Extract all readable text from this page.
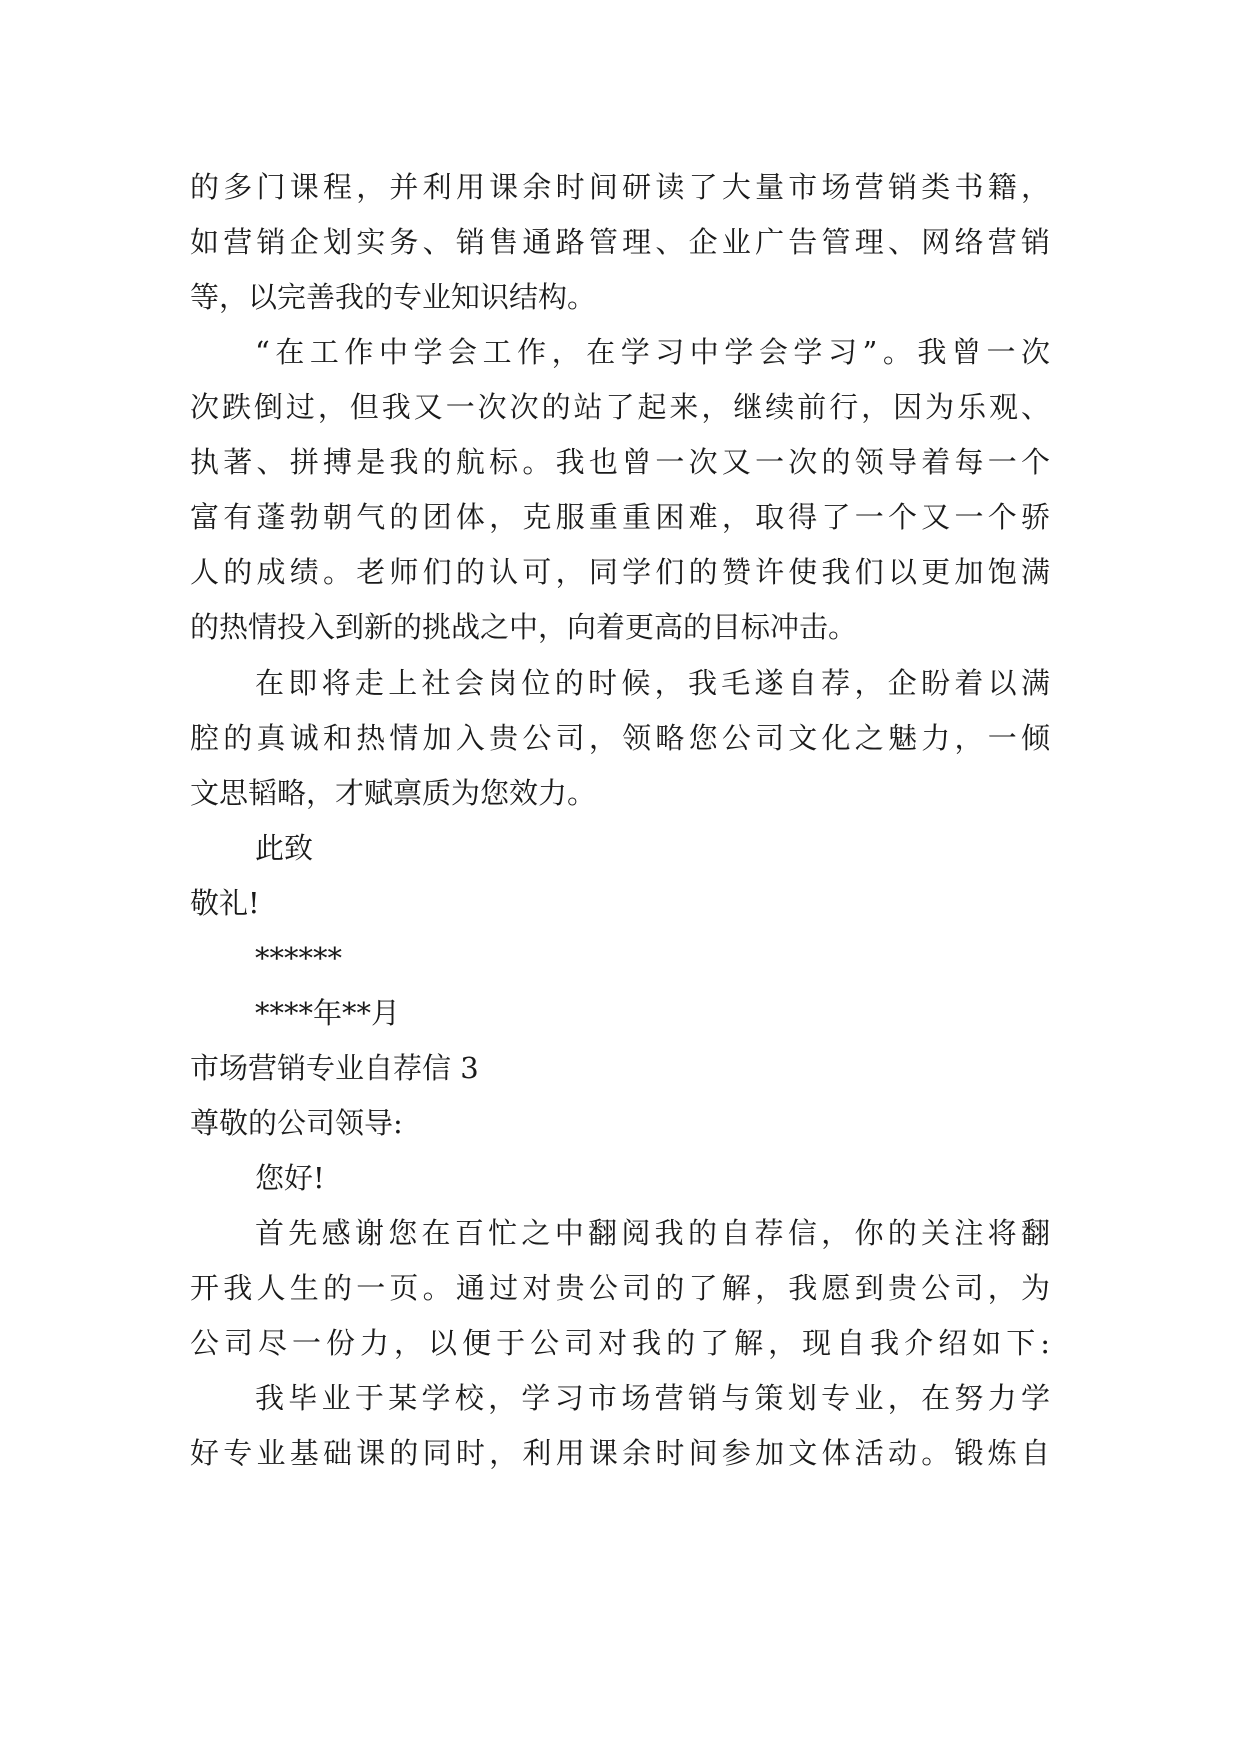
的多门课程，并利用课余时间研读了大量市场营销类书籍，
如营销企划实务、销售通路管理、企业广告管理、网络营销
等，以完善我的专业知识结构。
“在工作中学会工作，在学习中学会学习”。我曾一次
次跌倒过，但我又一次次的站了起来，继续前行，因为乐观、
执著、拼搏是我的航标。我也曾一次又一次的领导着每一个
富有蓬勃朝气的团体，克服重重困难，取得了一个又一个骄
人的成绩。老师们的认可，同学们的赞许使我们以更加饱满
的热情投入到新的挑战之中，向着更高的目标冲击。
在即将走上社会岗位的时候，我毛遂自荐，企盼着以满
腔的真诚和热情加入贵公司，领略您公司文化之魅力，一倾
文思韬略，才赋禀质为您效力。
此致
敬礼!
******
****年**月
市场营销专业自荐信 3
尊敬的公司领导:
您好!
首先感谢您在百忙之中翻阅我的自荐信，你的关注将翻
开我人生的一页。通过对贵公司的了解，我愿到贵公司，为
公司尽一份力，以便于公司对我的了解，现自我介绍如下:
我毕业于某学校，学习市场营销与策划专业，在努力学
好专业基础课的同时，利用课余时间参加文体活动。锻炼自
